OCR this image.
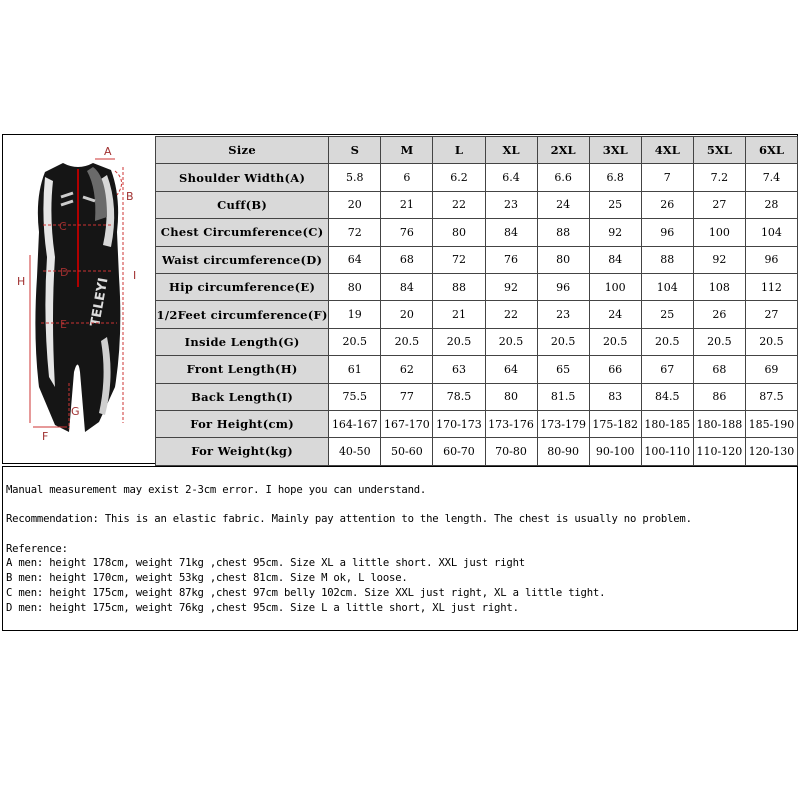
TELEYI
A
B
C
D
E
F
G
H	I
Size	S	M	L	XL	2XL	3XL	4XL	5XL	6XL
Shoulder Width(A)	5.8	6	6.2	6.4	6.6	6.8	7	7.2	7.4
Cuff(B)	20	21	22	23	24	25	26	27	28
Chest Circumference(C)	72	76	80	84	88	92	96	100	104
Waist circumference(D)	64	68	72	76	80	84	88	92	96
Hip circumference(E)	80	84	88	92	96	100	104	108	112
1/2Feet circumference(F)	19	20	21	22	23	24	25	26	27
Inside Length(G)	20.5	20.5	20.5	20.5	20.5	20.5	20.5	20.5	20.5
Front Length(H)	61	62	63	64	65	66	67	68	69
Back Length(I)	75.5	77	78.5	80	81.5	83	84.5	86	87.5
For Height(cm)	164-167	167-170	170-173	173-176	173-179	175-182	180-185	180-188	185-190
For Weight(kg)	40-50	50-60	60-70	70-80	80-90	90-100	100-110	110-120	120-130
Manual measurement may exist 2-3cm error. I hope you can understand.
Recommendation: This is an elastic fabric. Mainly pay attention to the length. The chest is usually no problem.
Reference:
A men: height 178cm, weight 71kg ,chest 95cm. Size XL a little short. XXL just right
B men: height 170cm, weight 53kg ,chest 81cm. Size M ok, L loose.
C men: height 175cm, weight 87kg ,chest 97cm belly 102cm. Size XXL just right, XL a little tight.
D men: height 175cm, weight 76kg ,chest 95cm. Size L a little short, XL just right.
